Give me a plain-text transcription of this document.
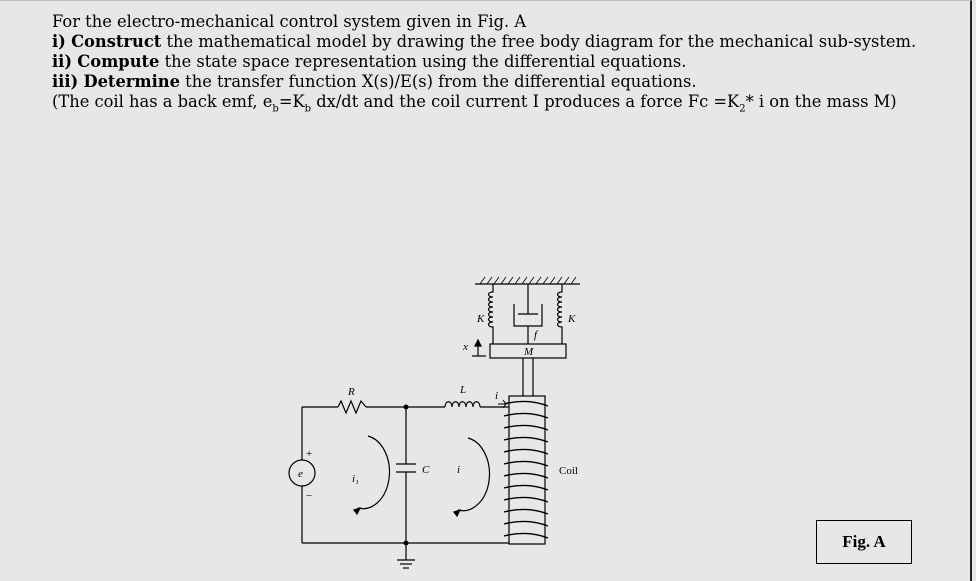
For the electro-mechanical control system given in Fig. A

i) Construct the mathematical model by drawing the free body diagram for the mechanical sub-system.

ii) Compute the state space representation using the differential equations.

iii) Determine the transfer function X(s)/E(s) from the differential equations.

(The coil has a back emf, $e_b=K_b$ dx/dt and the coil current I produces a force $Fc =K_2*$ i on the mass M)

R	L	i
C
i₁
i
e
+
−
Coil
K	K
f
M
x
Fig. A
